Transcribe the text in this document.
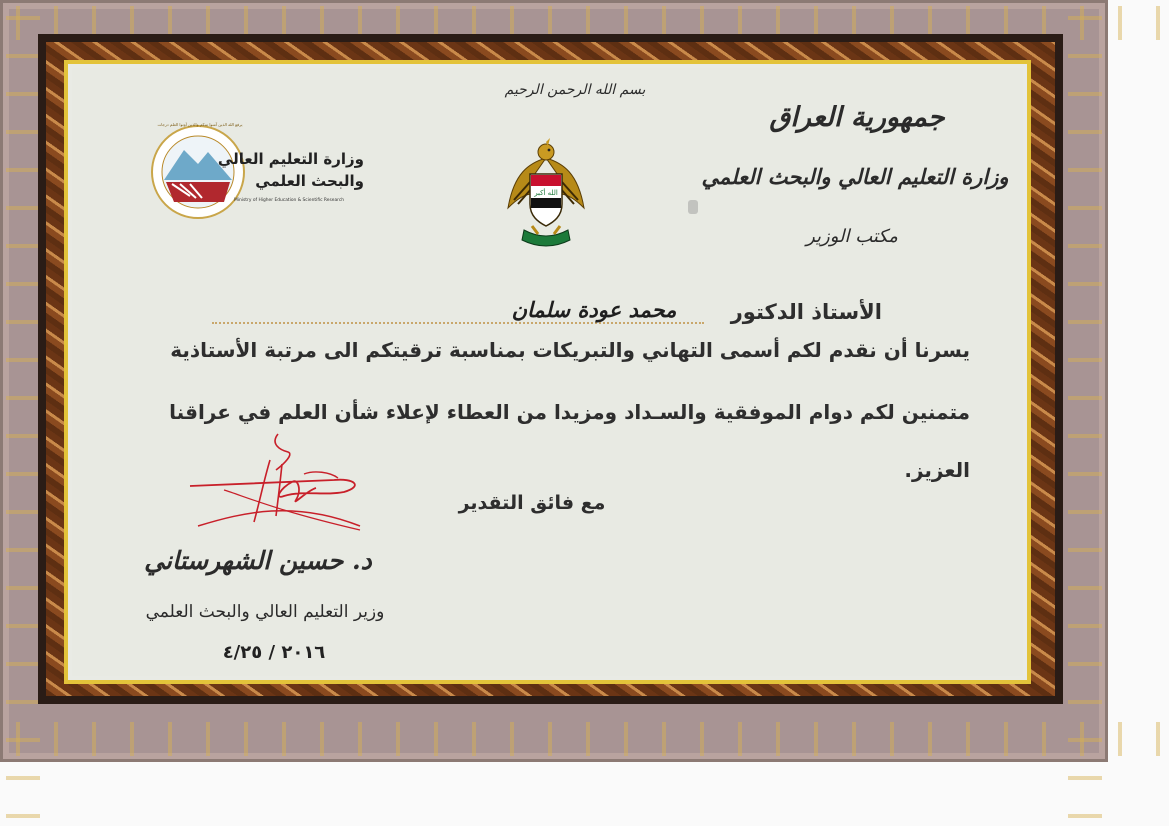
بسم الله الرحمن الرحيم
جمهورية العراق
وزارة التعليم العالي والبحث العلمي
مكتب الوزير
الله أكبر
وزارة التعليم العالي
والبحث العلمي
Ministry of Higher Education & Scientific Research
يرفع الله الذين آمنوا منكم والذين أوتوا العلم درجات
الأستاذ الدكتور
محمد عودة سلمان
يسرنا أن نقدم لكم أسمى التهاني والتبريكات بمناسبة ترقيتكم الى مرتبة الأستاذية
متمنين لكم دوام الموفقية والسـداد ومزيدا من العطاء لإعلاء شأن العلم في عراقنا
العزيز.
مع فائق التقدير
د. حسين الشهرستاني
وزير التعليم العالي والبحث العلمي
٢٠١٦ / ٤/٢٥
